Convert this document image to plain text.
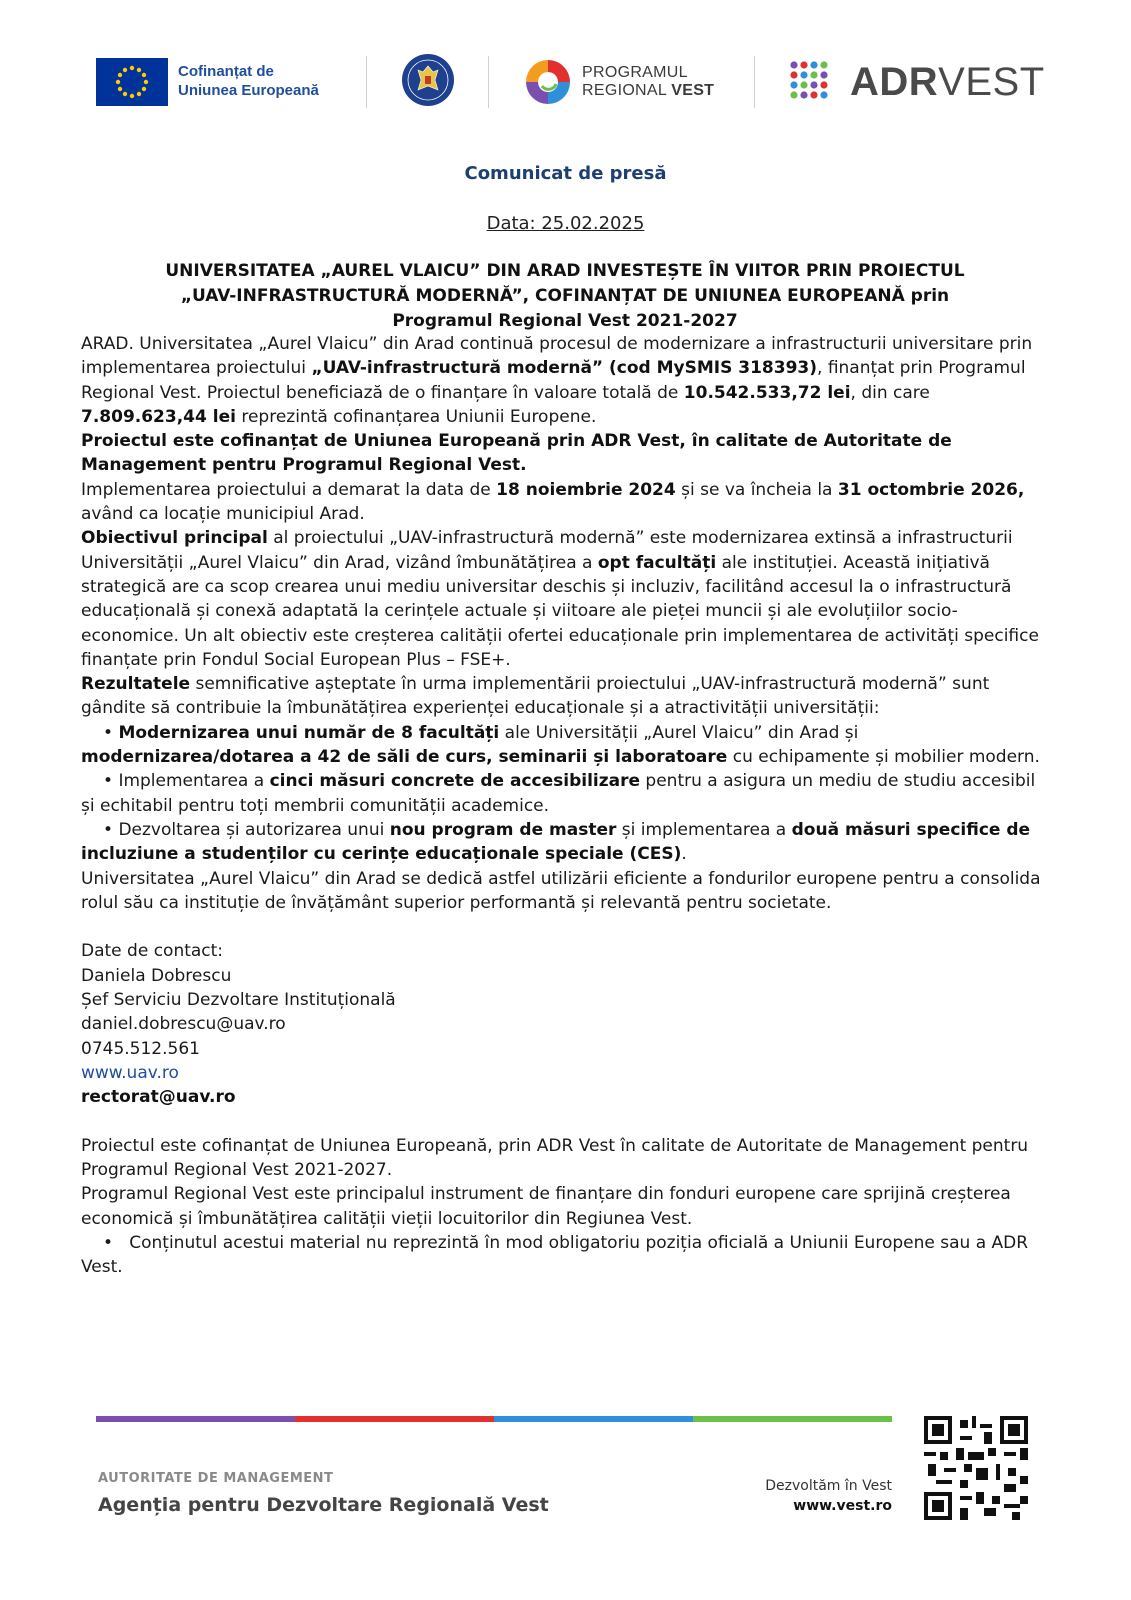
Cofinanțat de
Uniunea Europeană
PROGRAMUL
REGIONAL VEST	ADRVEST
Comunicat de presă
Data: 25.02.2025
UNIVERSITATEA „AUREL VLAICU” DIN ARAD INVESTEȘTE ÎN VIITOR PRIN PROIECTUL
„UAV-INFRASTRUCTURĂ MODERNĂ”, COFINANȚAT DE UNIUNEA EUROPEANĂ prin
Programul Regional Vest 2021-2027

ARAD. Universitatea „Aurel Vlaicu” din Arad continuă procesul de modernizare a infrastructurii universitare prin implementarea proiectului „UAV-infrastructură modernă” (cod MySMIS 318393), finanțat prin Programul Regional Vest. Proiectul beneficiază de o finanțare în valoare totală de 10.542.533,72 lei, din care 7.809.623,44 lei reprezintă cofinanțarea Uniunii Europene.

Proiectul este cofinanțat de Uniunea Europeană prin ADR Vest, în calitate de Autoritate de Management pentru Programul Regional Vest.

Implementarea proiectului a demarat la data de 18 noiembrie 2024 și se va încheia la 31 octombrie 2026, având ca locație municipiul Arad.

Obiectivul principal al proiectului „UAV-infrastructură modernă” este modernizarea extinsă a infrastructurii Universității „Aurel Vlaicu” din Arad, vizând îmbunătățirea a opt facultăți ale instituției. Această inițiativă strategică are ca scop crearea unui mediu universitar deschis și incluziv, facilitând accesul la o infrastructură educațională și conexă adaptată la cerințele actuale și viitoare ale pieței muncii și ale evoluțiilor socio-economice. Un alt obiectiv este creșterea calității ofertei educaționale prin implementarea de activități specifice finanțate prin Fondul Social European Plus – FSE+.

Rezultatele semnificative așteptate în urma implementării proiectului „UAV-infrastructură modernă” sunt gândite să contribuie la îmbunătățirea experienței educaționale și a atractivității universității:

• Modernizarea unui număr de 8 facultăți ale Universității „Aurel Vlaicu” din Arad și

modernizarea/dotarea a 42 de săli de curs, seminarii și laboratoare cu echipamente și mobilier modern.

• Implementarea a cinci măsuri concrete de accesibilizare pentru a asigura un mediu de studiu accesibil și echitabil pentru toți membrii comunității academice.

• Dezvoltarea și autorizarea unui nou program de master și implementarea a două măsuri specifice de incluziune a studenților cu cerințe educaționale speciale (CES).

Universitatea „Aurel Vlaicu” din Arad se dedică astfel utilizării eficiente a fondurilor europene pentru a consolida rolul său ca instituție de învățământ superior performantă și relevantă pentru societate.

Date de contact:

Daniela Dobrescu

Șef Serviciu Dezvoltare Instituțională

daniel.dobrescu@uav.ro

0745.512.561

www.uav.ro

rectorat@uav.ro

Proiectul este cofinanțat de Uniunea Europeană, prin ADR Vest în calitate de Autoritate de Management pentru Programul Regional Vest 2021-2027.

Programul Regional Vest este principalul instrument de finanțare din fonduri europene care sprijină creșterea economică și îmbunătățirea calității vieții locuitorilor din Regiunea Vest.

•   Conținutul acestui material nu reprezintă în mod obligatoriu poziția oficială a Uniunii Europene sau a ADR Vest.

AUTORITATE DE MANAGEMENT
Agenția pentru Dezvoltare Regională Vest
Dezvoltăm în Vest
www.vest.ro
